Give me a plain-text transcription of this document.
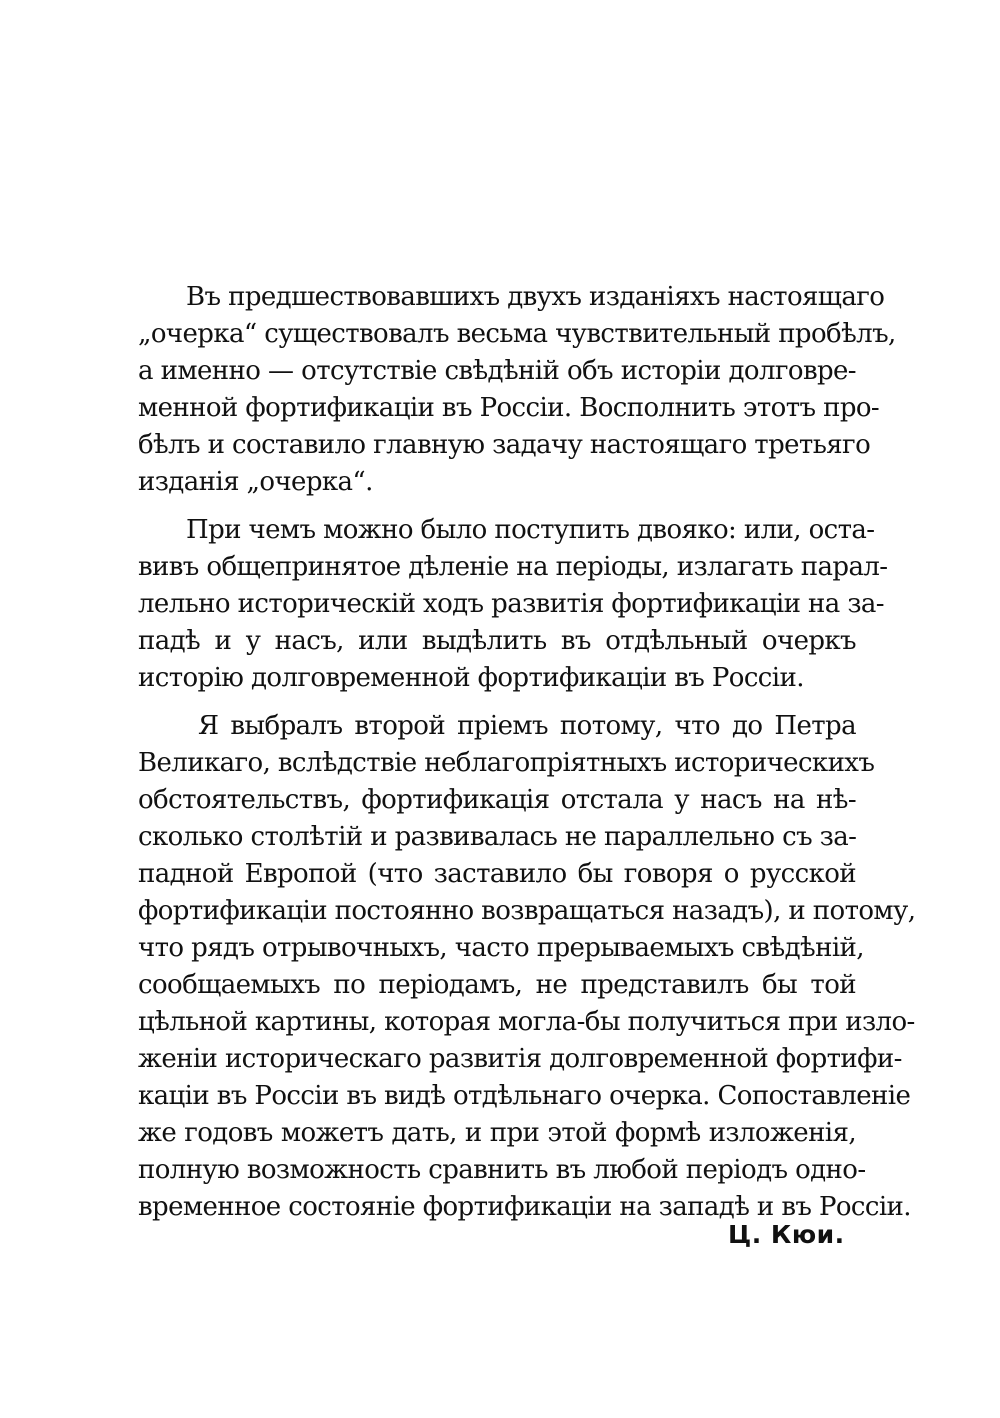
Въ предшествовавшихъ двухъ изданіяхъ настоящаго
„очерка“ существовалъ весьма чувствительный пробѣлъ,
а именно — отсутствіе свѣдѣній объ исторіи долговре-
менной фортификаціи въ Россіи. Восполнить этотъ про-
бѣлъ и составило главную задачу настоящаго третьяго
изданія „очерка“.
При чемъ можно было поступить двояко: или, оста-
вивъ общепринятое дѣленіе на періоды, излагать парал-
лельно историческій ходъ развитія фортификаціи на за-
падѣ и у насъ, или выдѣлить въ отдѣльный очеркъ
исторію долговременной фортификаціи въ Россіи.
Я выбралъ второй пріемъ потому, что до Петра
Великаго, вслѣдствіе неблагопріятныхъ историческихъ
обстоятельствъ, фортификація отстала у насъ на нѣ-
сколько столѣтій и развивалась не параллельно съ за-
падной Европой (что заставило бы говоря о русской
фортификаціи постоянно возвращаться назадъ), и потому,
что рядъ отрывочныхъ, часто прерываемыхъ свѣдѣній,
сообщаемыхъ по періодамъ, не представилъ бы той
цѣльной картины, которая могла-бы получиться при изло-
женіи историческаго развитія долговременной фортифи-
каціи въ Россіи въ видѣ отдѣльнаго очерка. Сопоставленіе
же годовъ можетъ дать, и при этой формѣ изложенія,
полную возможность сравнить въ любой періодъ одно-
временное состояніе фортификаціи на западѣ и въ Россіи.
Ц. Кюи.
